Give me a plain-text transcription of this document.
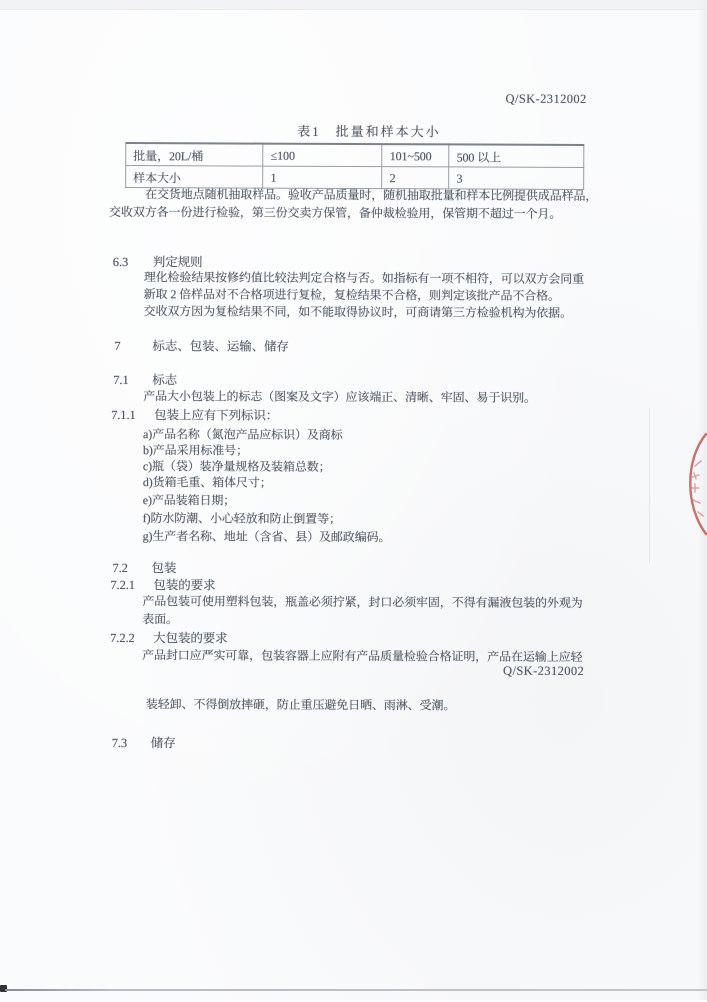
Q/SK-2312002
表1　批量和样本大小
批量，20L/桶	≤100	101~500	500 以上
样本大小	1	2	3
在交货地点随机抽取样品。验收产品质量时，随机抽取批量和样本比例提供成品样品，
交收双方各一份进行检验，第三份交卖方保管，备仲裁检验用，保管期不超过一个月。
6.3 判定规则
理化检验结果按修约值比较法判定合格与否。如指标有一项不相符，可以双方会同重
新取 2 倍样品对不合格项进行复检，复检结果不合格，则判定该批产品不合格。
交收双方因为复检结果不同，如不能取得协议时，可商请第三方检验机构为依据。
7	标志、包装、运输、储存
7.1 标志
产品大小包装上的标志（图案及文字）应该端正、清晰、牢固、易于识别。
7.1.1 包装上应有下列标识：
a)产品名称（氮泡产品应标识）及商标
b)产品采用标准号；
c)瓶（袋）装净量规格及装箱总数；
d)货箱毛重、箱体尺寸；
e)产品装箱日期；
f)防水防潮、小心轻放和防止倒置等；
g)生产者名称、地址（含省、县）及邮政编码。
7.2 包装
7.2.1 包装的要求
产品包装可使用塑料包装，瓶盖必须拧紧，封口必须牢固，不得有漏液包装的外观为
表面。
7.2.2 大包装的要求
产品封口应严实可靠，包装容器上应附有产品质量检验合格证明，产品在运输上应轻
Q/SK-2312002
装轻卸、不得倒放摔砸，防止重压避免日晒、雨淋、受潮。
7.3 储存
